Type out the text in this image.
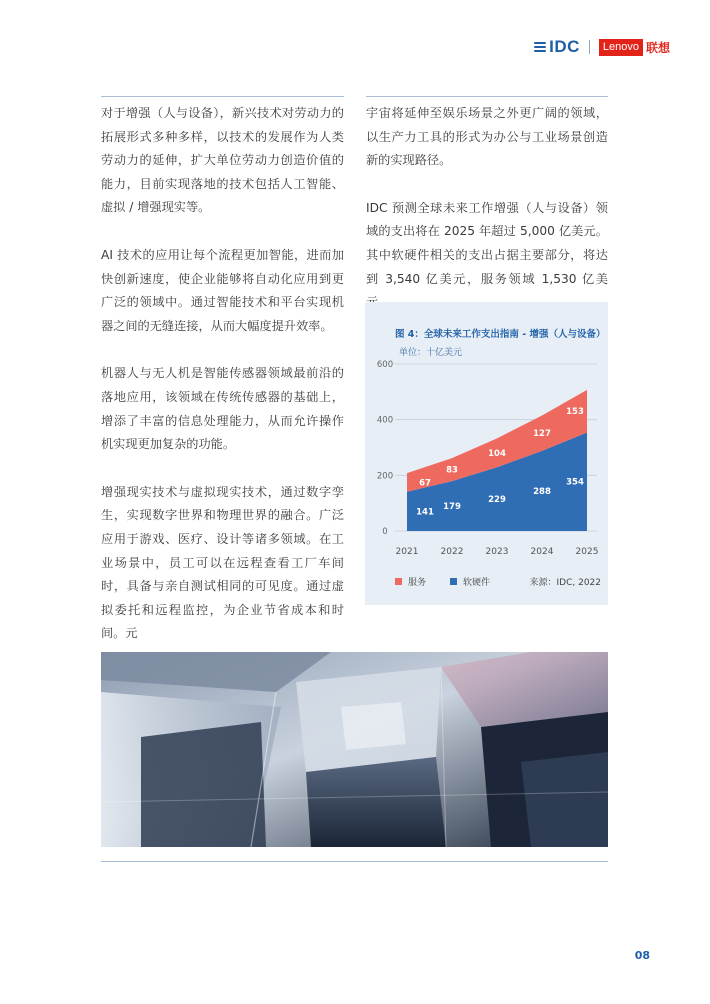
IDC	Lenovo 联想

对于增强（人与设备），新兴技术对劳动力的拓展形式多种多样，以技术的发展作为人类劳动力的延伸，扩大单位劳动力创造价值的能力，目前实现落地的技术包括人工智能、虚拟 / 增强现实等。

AI 技术的应用让每个流程更加智能，进而加快创新速度，使企业能够将自动化应用到更广泛的领域中。通过智能技术和平台实现机器之间的无缝连接，从而大幅度提升效率。

机器人与无人机是智能传感器领域最前沿的落地应用，该领域在传统传感器的基础上，增添了丰富的信息处理能力，从而允许操作机实现更加复杂的功能。

增强现实技术与虚拟现实技术，通过数字孪生，实现数字世界和物理世界的融合。广泛应用于游戏、医疗、设计等诸多领域。在工业场景中，员工可以在远程查看工厂车间时，具备与亲自测试相同的可见度。通过虚拟委托和远程监控，为企业节省成本和时间。元

宇宙将延伸至娱乐场景之外更广阔的领域，以生产力工具的形式为办公与工业场景创造新的实现路径。

IDC 预测全球未来工作增强（人与设备）领域的支出将在 2025 年超过 5,000 亿美元。其中软硬件相关的支出占据主要部分，将达到 3,540 亿美元，服务领域 1,530 亿美

图 4：全球未来工作支出指南 - 增强（人与设备）
单位：十亿美元
0
200
400
600
141
179
229
288
354
67
83
104
127
153
2021 2022 2023 2024 2025
服务	软硬件	来源：IDC, 2022
08
